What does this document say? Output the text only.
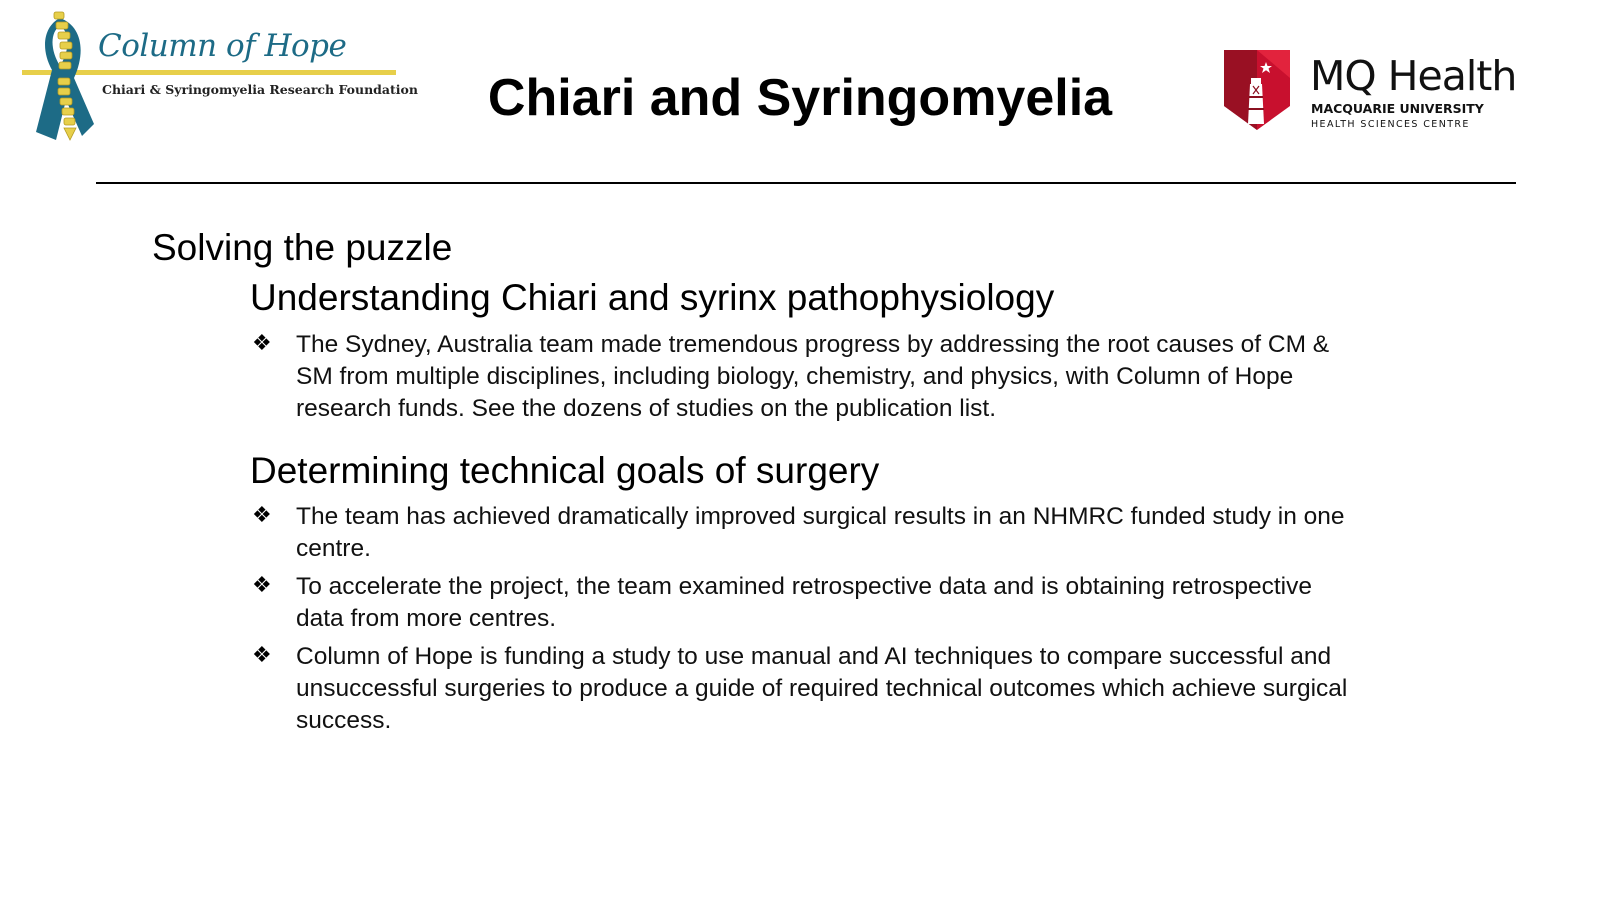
Column of Hope
Chiari & Syringomyelia Research Foundation Chiari and Syringomyelia	MQ Health
MACQUARIE UNIVERSITY
HEALTH SCIENCES CENTRE

Solving the puzzle

Understanding Chiari and syrinx pathophysiology
❖ The Sydney, Australia team made tremendous progress by addressing the root causes of CM & SM from multiple disciplines, including biology, chemistry, and physics, with Column of Hope research funds. See the dozens of studies on the publication list.
Determining technical goals of surgery
❖ The team has achieved dramatically improved surgical results in an NHMRC funded study in one centre.
❖ To accelerate the project, the team examined retrospective data and is obtaining retrospective data from more centres.
❖ Column of Hope is funding a study to use manual and AI techniques to compare successful and unsuccessful surgeries to produce a guide of required technical outcomes which achieve surgical success.
